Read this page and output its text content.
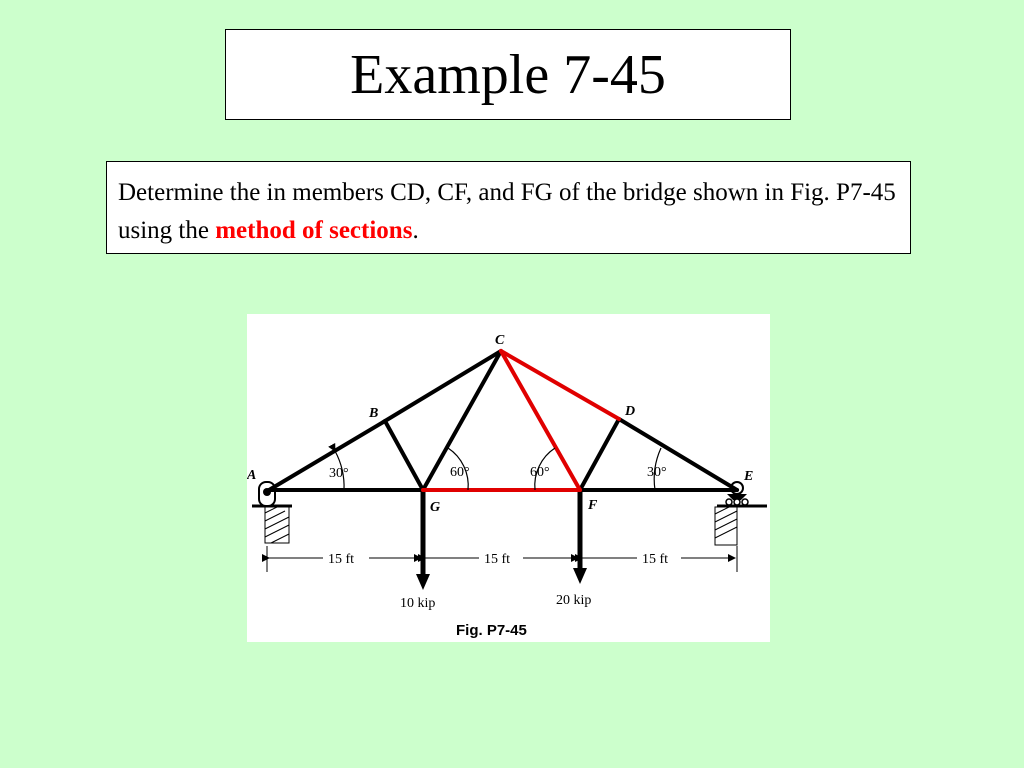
Example 7-45
Determine the in members CD, CF, and FG of the bridge shown in Fig. P7-45 using the method of sections.
A
B
C
D
E
F
G
30°	60°	60°	30°
15 ft	15 ft	15 ft
10 kip	20 kip
Fig. P7-45
